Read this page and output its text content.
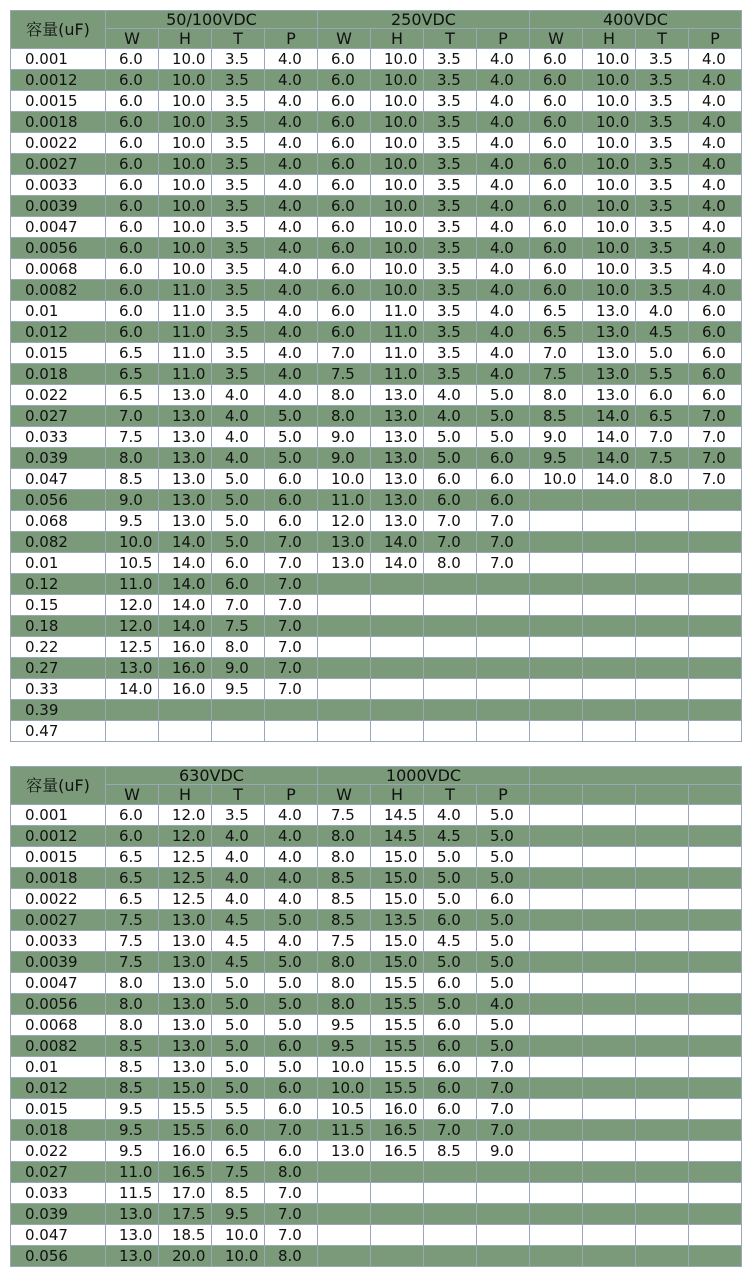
容量(uF)	50/100VDC				250VDC				400VDC			
	W	H	T	P	W	H	T	P	W	H	T	P
0.001	6.0	10.0	3.5	4.0	6.0	10.0	3.5	4.0	6.0	10.0	3.5	4.0
0.0012	6.0	10.0	3.5	4.0	6.0	10.0	3.5	4.0	6.0	10.0	3.5	4.0
0.0015	6.0	10.0	3.5	4.0	6.0	10.0	3.5	4.0	6.0	10.0	3.5	4.0
0.0018	6.0	10.0	3.5	4.0	6.0	10.0	3.5	4.0	6.0	10.0	3.5	4.0
0.0022	6.0	10.0	3.5	4.0	6.0	10.0	3.5	4.0	6.0	10.0	3.5	4.0
0.0027	6.0	10.0	3.5	4.0	6.0	10.0	3.5	4.0	6.0	10.0	3.5	4.0
0.0033	6.0	10.0	3.5	4.0	6.0	10.0	3.5	4.0	6.0	10.0	3.5	4.0
0.0039	6.0	10.0	3.5	4.0	6.0	10.0	3.5	4.0	6.0	10.0	3.5	4.0
0.0047	6.0	10.0	3.5	4.0	6.0	10.0	3.5	4.0	6.0	10.0	3.5	4.0
0.0056	6.0	10.0	3.5	4.0	6.0	10.0	3.5	4.0	6.0	10.0	3.5	4.0
0.0068	6.0	10.0	3.5	4.0	6.0	10.0	3.5	4.0	6.0	10.0	3.5	4.0
0.0082	6.0	11.0	3.5	4.0	6.0	10.0	3.5	4.0	6.0	10.0	3.5	4.0
0.01	6.0	11.0	3.5	4.0	6.0	11.0	3.5	4.0	6.5	13.0	4.0	6.0
0.012	6.0	11.0	3.5	4.0	6.0	11.0	3.5	4.0	6.5	13.0	4.5	6.0
0.015	6.5	11.0	3.5	4.0	7.0	11.0	3.5	4.0	7.0	13.0	5.0	6.0
0.018	6.5	11.0	3.5	4.0	7.5	11.0	3.5	4.0	7.5	13.0	5.5	6.0
0.022	6.5	13.0	4.0	4.0	8.0	13.0	4.0	5.0	8.0	13.0	6.0	6.0
0.027	7.0	13.0	4.0	5.0	8.0	13.0	4.0	5.0	8.5	14.0	6.5	7.0
0.033	7.5	13.0	4.0	5.0	9.0	13.0	5.0	5.0	9.0	14.0	7.0	7.0
0.039	8.0	13.0	4.0	5.0	9.0	13.0	5.0	6.0	9.5	14.0	7.5	7.0
0.047	8.5	13.0	5.0	6.0	10.0	13.0	6.0	6.0	10.0	14.0	8.0	7.0
0.056	9.0	13.0	5.0	6.0	11.0	13.0	6.0	6.0				
0.068	9.5	13.0	5.0	6.0	12.0	13.0	7.0	7.0				
0.082	10.0	14.0	5.0	7.0	13.0	14.0	7.0	7.0				
0.01	10.5	14.0	6.0	7.0	13.0	14.0	8.0	7.0				
0.12	11.0	14.0	6.0	7.0								
0.15	12.0	14.0	7.0	7.0								
0.18	12.0	14.0	7.5	7.0								
0.22	12.5	16.0	8.0	7.0								
0.27	13.0	16.0	9.0	7.0								
0.33	14.0	16.0	9.5	7.0								
0.39												
0.47												
容量(uF)	630VDC				1000VDC							
	W	H	T	P	W	H	T	P				
0.001	6.0	12.0	3.5	4.0	7.5	14.5	4.0	5.0				
0.0012	6.0	12.0	4.0	4.0	8.0	14.5	4.5	5.0				
0.0015	6.5	12.5	4.0	4.0	8.0	15.0	5.0	5.0				
0.0018	6.5	12.5	4.0	4.0	8.5	15.0	5.0	5.0				
0.0022	6.5	12.5	4.0	4.0	8.5	15.0	5.0	6.0				
0.0027	7.5	13.0	4.5	5.0	8.5	13.5	6.0	5.0				
0.0033	7.5	13.0	4.5	4.0	7.5	15.0	4.5	5.0				
0.0039	7.5	13.0	4.5	5.0	8.0	15.0	5.0	5.0				
0.0047	8.0	13.0	5.0	5.0	8.0	15.5	6.0	5.0				
0.0056	8.0	13.0	5.0	5.0	8.0	15.5	5.0	4.0				
0.0068	8.0	13.0	5.0	5.0	9.5	15.5	6.0	5.0				
0.0082	8.5	13.0	5.0	6.0	9.5	15.5	6.0	5.0				
0.01	8.5	13.0	5.0	5.0	10.0	15.5	6.0	7.0				
0.012	8.5	15.0	5.0	6.0	10.0	15.5	6.0	7.0				
0.015	9.5	15.5	5.5	6.0	10.5	16.0	6.0	7.0				
0.018	9.5	15.5	6.0	7.0	11.5	16.5	7.0	7.0				
0.022	9.5	16.0	6.5	6.0	13.0	16.5	8.5	9.0				
0.027	11.0	16.5	7.5	8.0								
0.033	11.5	17.0	8.5	7.0								
0.039	13.0	17.5	9.5	7.0								
0.047	13.0	18.5	10.0	7.0								
0.056	13.0	20.0	10.0	8.0								
